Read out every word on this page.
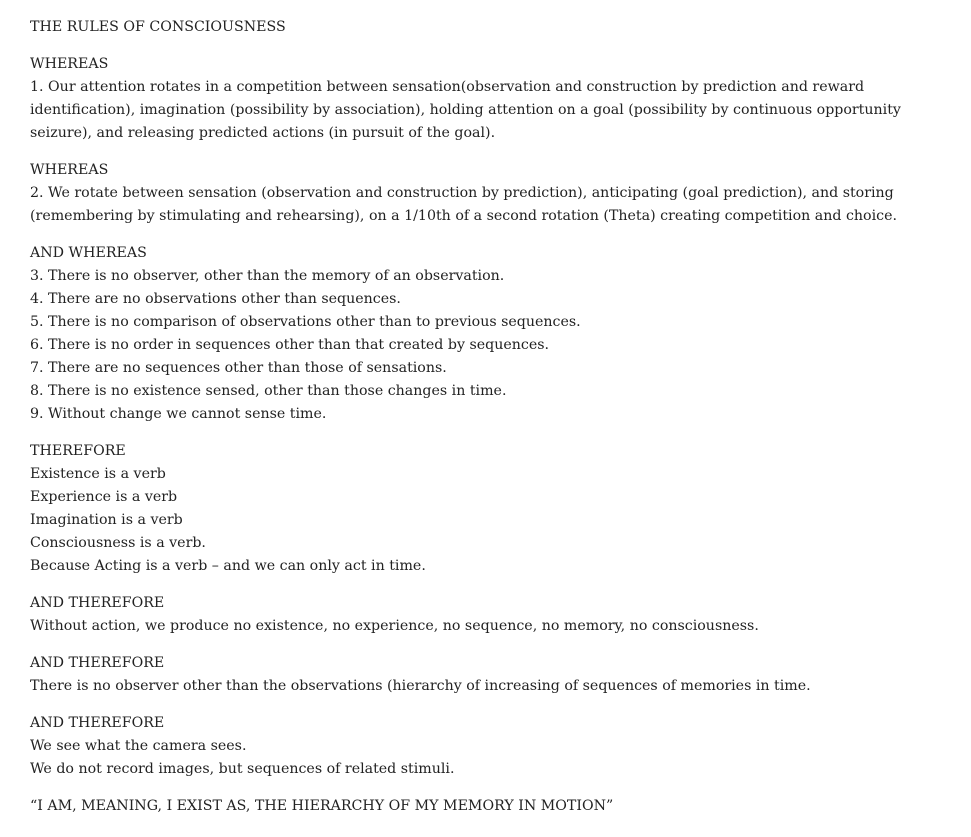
THE RULES OF CONSCIOUSNESS
WHEREAS
1. Our attention rotates in a competition between sensation(observation and construction by prediction and reward identification), imagination (possibility by association), holding attention on a goal (possibility by continuous opportunity seizure), and releasing predicted actions (in pursuit of the goal).
WHEREAS
2. We rotate between sensation (observation and construction by prediction), anticipating (goal prediction), and storing (remembering by stimulating and rehearsing), on a 1/10th of a second rotation (Theta) creating competition and choice.
AND WHEREAS
3. There is no observer, other than the memory of an observation.
4. There are no observations other than sequences.
5. There is no comparison of observations other than to previous sequences.
6. There is no order in sequences other than that created by sequences.
7. There are no sequences other than those of sensations.
8. There is no existence sensed, other than those changes in time.
9. Without change we cannot sense time.
THEREFORE
Existence is a verb
Experience is a verb
Imagination is a verb
Consciousness is a verb.
Because Acting is a verb – and we can only act in time.
AND THEREFORE
Without action, we produce no existence, no experience, no sequence, no memory, no consciousness.
AND THEREFORE
There is no observer other than the observations (hierarchy of increasing of sequences of memories in time.
AND THEREFORE
We see what the camera sees.
We do not record images, but sequences of related stimuli.
“I AM, MEANING, I EXIST AS, THE HIERARCHY OF MY MEMORY IN MOTION”
